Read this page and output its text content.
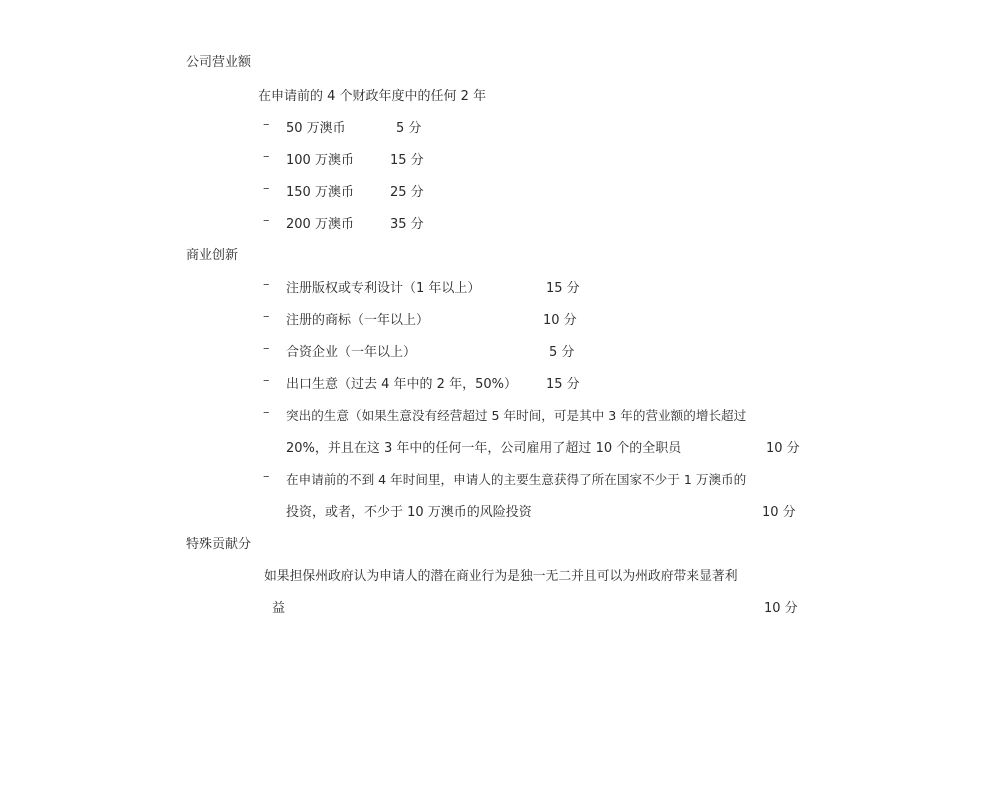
公司营业额
在申请前的 4 个财政年度中的任何 2 年
– 50 万澳币	5 分
– 100 万澳币	15 分
– 150 万澳币	25 分
– 200 万澳币	35 分
商业创新
– 注册版权或专利设计（1 年以上）	15 分
– 注册的商标（一年以上）	10 分
– 合资企业（一年以上）	5 分
– 出口生意（过去 4 年中的 2 年，50%） 15 分
– 突出的生意（如果生意没有经营超过 5 年时间，可是其中 3 年的营业额的增长超过
20%，并且在这 3 年中的任何一年，公司雇用了超过 10 个的全职员	10 分
– 在申请前的不到 4 年时间里，申请人的主要生意获得了所在国家不少于 1 万澳币的
投资，或者，不少于 10 万澳币的风险投资	10 分
特殊贡献分
如果担保州政府认为申请人的潜在商业行为是独一无二并且可以为州政府带来显著利
益	10 分
